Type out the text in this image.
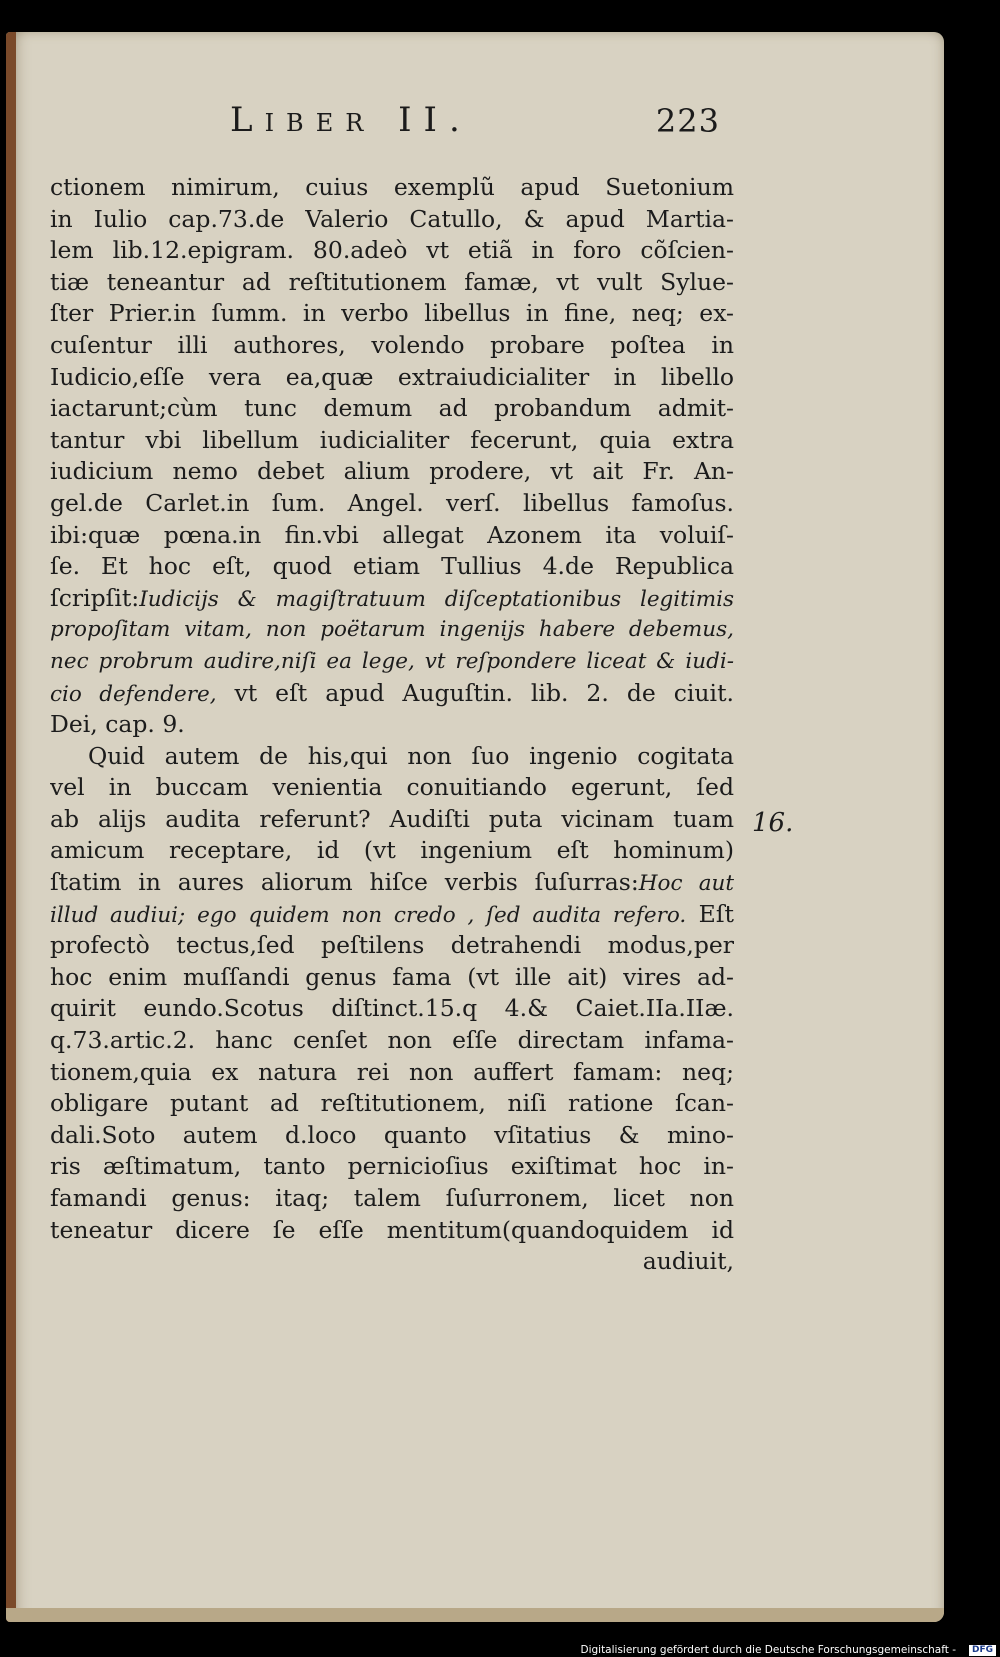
Liber II.	223
ctionem nimirum, cuius exemplũ apud Suetonium
in Iulio cap.73.de Valerio Catullo, & apud Martia-
lem lib.12.epigram. 80.adeò vt etiã in foro cõſcien-
tiæ teneantur ad reſtitutionem famæ, vt vult Sylue-
ſter Prier.in ſumm. in verbo libellus in fine, neq; ex-
cuſentur illi authores, volendo probare poſtea in
Iudicio,eſſe vera ea,quæ extraiudicialiter in libello
iactarunt;cùm tunc demum ad probandum admit-
tantur vbi libellum iudicialiter fecerunt, quia extra
iudicium nemo debet alium prodere, vt ait Fr. An-
gel.de Carlet.in ſum. Angel. verſ. libellus famoſus.
ibi:quæ pœna.in fin.vbi allegat Azonem ita voluiſ-
ſe. Et hoc eſt, quod etiam Tullius 4.de Republica
ſcripſit:Iudicijs & magiſtratuum diſceptationibus legitimis
propoſitam vitam, non poëtarum ingenijs habere debemus,
nec probrum audire,niſi ea lege, vt reſpondere liceat & iudi-
cio defendere, vt eſt apud Auguſtin. lib. 2. de ciuit.
Dei, cap. 9.
Quid autem de his,qui non ſuo ingenio cogitata
vel in buccam venientia conuitiando egerunt, ſed
ab alijs audita referunt? Audiſti puta vicinam tuam
amicum receptare, id (vt ingenium eſt hominum)
ſtatim in aures aliorum hiſce verbis ſuſurras:Hoc aut
illud audiui; ego quidem non credo , ſed audita refero. Eſt
profectò tectus,ſed peſtilens detrahendi modus,per
hoc enim muſſandi genus fama (vt ille ait) vires ad-
quirit eundo.Scotus diſtinct.15.q 4.& Caiet.IIa.IIæ.
q.73.artic.2. hanc cenſet non eſſe directam infama-
tionem,quia ex natura rei non auffert famam: neq;
obligare putant ad reſtitutionem, niſi ratione ſcan-
dali.Soto autem d.loco quanto vſitatius & mino-
ris æſtimatum, tanto pernicioſius exiſtimat hoc in-
famandi genus: itaq; talem ſuſurronem, licet non
teneatur dicere ſe eſſe mentitum(quandoquidem id
audiuit,
16.
Digitalisierung gefördert durch die Deutsche Forschungsgemeinschaft -	DFG
